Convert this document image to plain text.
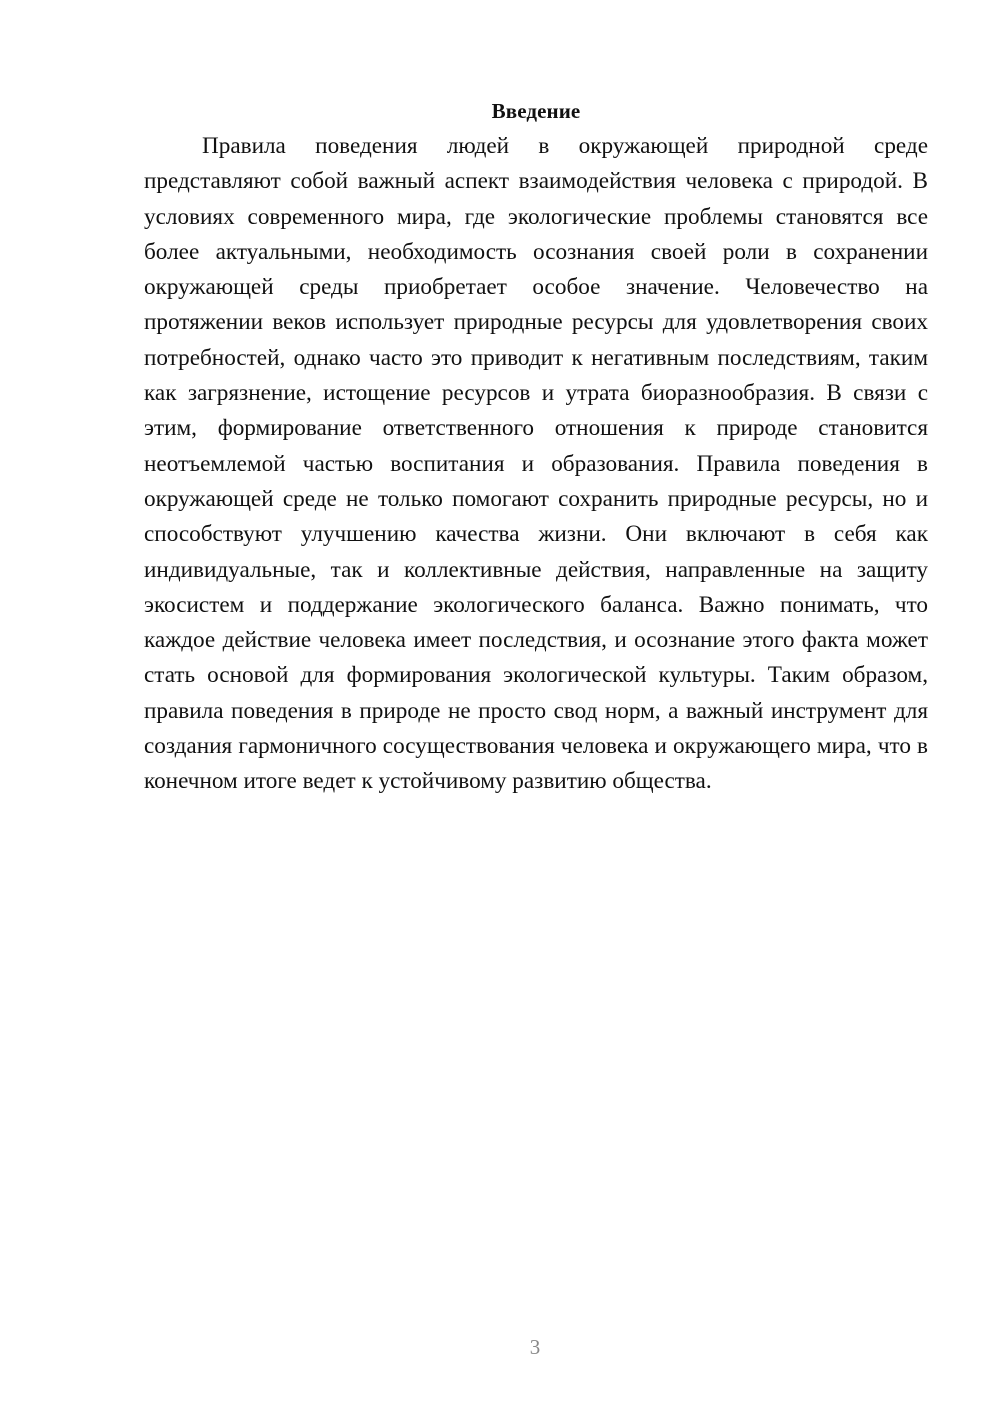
Введение

Правила поведения людей в окружающей природной среде представляют собой важный аспект взаимодействия человека с природой. В условиях современного мира, где экологические проблемы становятся все более актуальными, необходимость осознания своей роли в сохранении окружающей среды приобретает особое значение. Человечество на протяжении веков использует природные ресурсы для удовлетворения своих потребностей, однако часто это приводит к негативным последствиям, таким как загрязнение, истощение ресурсов и утрата биоразнообразия. В связи с этим, формирование ответственного отношения к природе становится неотъемлемой частью воспитания и образования. Правила поведения в окружающей среде не только помогают сохранить природные ресурсы, но и способствуют улучшению качества жизни. Они включают в себя как индивидуальные, так и коллективные действия, направленные на защиту экосистем и поддержание экологического баланса. Важно понимать, что каждое действие человека имеет последствия, и осознание этого факта может стать основой для формирования экологической культуры. Таким образом, правила поведения в природе не просто свод норм, а важный инструмент для создания гармоничного сосуществования человека и окружающего мира, что в конечном итоге ведет к устойчивому развитию общества.

3
